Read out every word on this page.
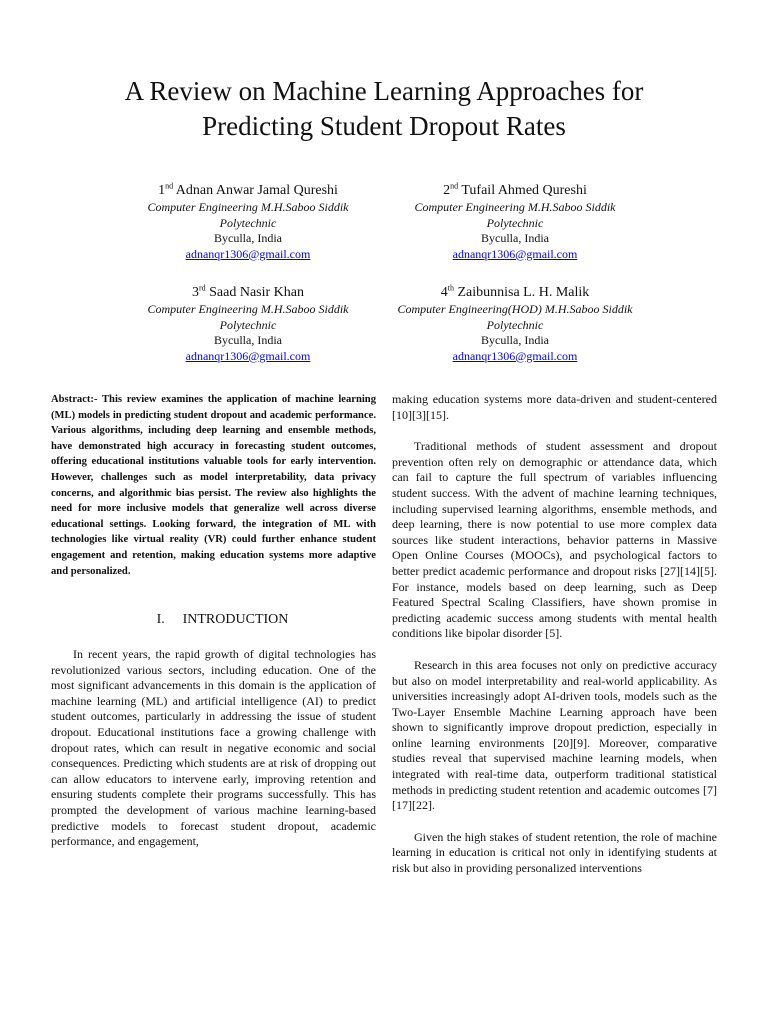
A Review on Machine Learning Approaches for
Predicting Student Dropout Rates
1nd Adnan Anwar Jamal Qureshi
Computer Engineering M.H.Saboo Siddik
Polytechnic
Byculla, India
adnanqr1306@gmail.com
2nd Tufail Ahmed Qureshi
Computer Engineering M.H.Saboo Siddik
Polytechnic
Byculla, India
adnanqr1306@gmail.com
3rd Saad Nasir Khan
Computer Engineering M.H.Saboo Siddik
Polytechnic
Byculla, India
adnanqr1306@gmail.com
4th Zaibunnisa L. H. Malik
Computer Engineering(HOD) M.H.Saboo Siddik
Polytechnic
Byculla, India
adnanqr1306@gmail.com

Abstract:- This review examines the application of machine learning (ML) models in predicting student dropout and academic performance. Various algorithms, including deep learning and ensemble methods, have demonstrated high accuracy in forecasting student outcomes, offering educational institutions valuable tools for early intervention. However, challenges such as model interpretability, data privacy concerns, and algorithmic bias persist. The review also highlights the need for more inclusive models that generalize well across diverse educational settings. Looking forward, the integration of ML with technologies like virtual reality (VR) could further enhance student engagement and retention, making education systems more adaptive and personalized.

I. INTRODUCTION

In recent years, the rapid growth of digital technologies has revolutionized various sectors, including education. One of the most significant advancements in this domain is the application of machine learning (ML) and artificial intelligence (AI) to predict student outcomes, particularly in addressing the issue of student dropout. Educational institutions face a growing challenge with dropout rates, which can result in negative economic and social consequences. Predicting which students are at risk of dropping out can allow educators to intervene early, improving retention and ensuring students complete their programs successfully. This has prompted the development of various machine learning-based predictive models to forecast student dropout, academic performance, and engagement,

making education systems more data-driven and student-centered [10][3][15].

Traditional methods of student assessment and dropout prevention often rely on demographic or attendance data, which can fail to capture the full spectrum of variables influencing student success. With the advent of machine learning techniques, including supervised learning algorithms, ensemble methods, and deep learning, there is now potential to use more complex data sources like student interactions, behavior patterns in Massive Open Online Courses (MOOCs), and psychological factors to better predict academic performance and dropout risks [27][14][5]. For instance, models based on deep learning, such as Deep Featured Spectral Scaling Classifiers, have shown promise in predicting academic success among students with mental health conditions like bipolar disorder [5].

Research in this area focuses not only on predictive accuracy but also on model interpretability and real-world applicability. As universities increasingly adopt AI-driven tools, models such as the Two-Layer Ensemble Machine Learning approach have been shown to significantly improve dropout prediction, especially in online learning environments [20][9]. Moreover, comparative studies reveal that supervised machine learning models, when integrated with real-time data, outperform traditional statistical methods in predicting student retention and academic outcomes [7][17][22].

Given the high stakes of student retention, the role of machine learning in education is critical not only in identifying students at risk but also in providing personalized interventions
